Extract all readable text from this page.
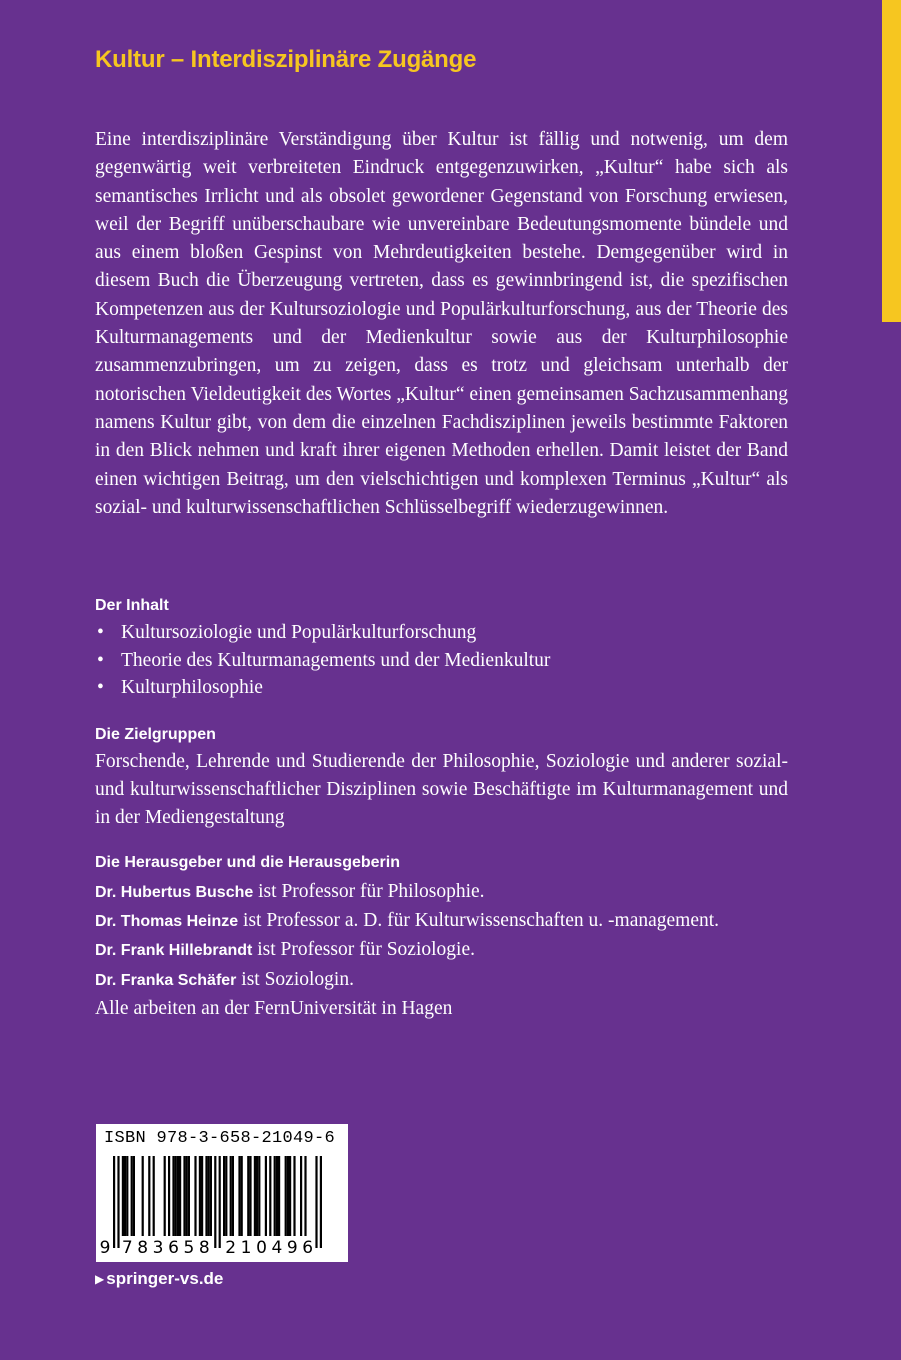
Kultur – Interdisziplinäre Zugänge

Eine interdisziplinäre Verständigung über Kultur ist fällig und notwenig, um dem gegenwärtig weit verbreiteten Eindruck entgegenzuwirken, „Kultur“ habe sich als semantisches Irrlicht und als obsolet gewordener Gegenstand von Forschung erwiesen, weil der Begriff unüberschaubare wie unvereinbare Bedeutungsmomente bündele und aus einem bloßen Gespinst von Mehrdeutigkeiten bestehe. Demgegenüber wird in diesem Buch die Überzeugung vertreten, dass es gewinnbringend ist, die spezifischen Kompetenzen aus der Kultursoziologie und Populärkulturforschung, aus der Theorie des Kulturmanagements und der Medienkultur sowie aus der Kulturphilosophie zusammenzubringen, um zu zeigen, dass es trotz und gleichsam unterhalb der notorischen Vieldeutigkeit des Wortes „Kultur“ einen gemeinsamen Sachzusammenhang namens Kultur gibt, von dem die einzelnen Fachdisziplinen jeweils bestimmte Faktoren in den Blick nehmen und kraft ihrer eigenen Methoden erhellen. Damit leistet der Band einen wichtigen Beitrag, um den vielschichtigen und komplexen Terminus „Kultur“ als sozial- und kulturwissenschaftlichen Schlüsselbegriff wiederzugewinnen.

Der Inhalt
• Kultursoziologie und Populärkulturforschung
• Theorie des Kulturmanagements und der Medienkultur
• Kulturphilosophie
Die Zielgruppen

Forschende, Lehrende und Studierende der Philosophie, Soziologie und anderer sozial- und kulturwissenschaftlicher Disziplinen sowie Beschäftigte im Kulturmanagement und in der Mediengestaltung

Die Herausgeber und die Herausgeberin
Dr. Hubertus Busche ist Professor für Philosophie.
Dr. Thomas Heinze ist Professor a. D. für Kulturwissenschaften u. -management.
Dr. Frank Hillebrandt ist Professor für Soziologie.
Dr. Franka Schäfer ist Soziologin.
Alle arbeiten an der FernUniversität in Hagen
ISBN 978-3-658-21049-6
9 7 8 3 6 5 8 2 1 0 4 9 6

▶ springer-vs.de
